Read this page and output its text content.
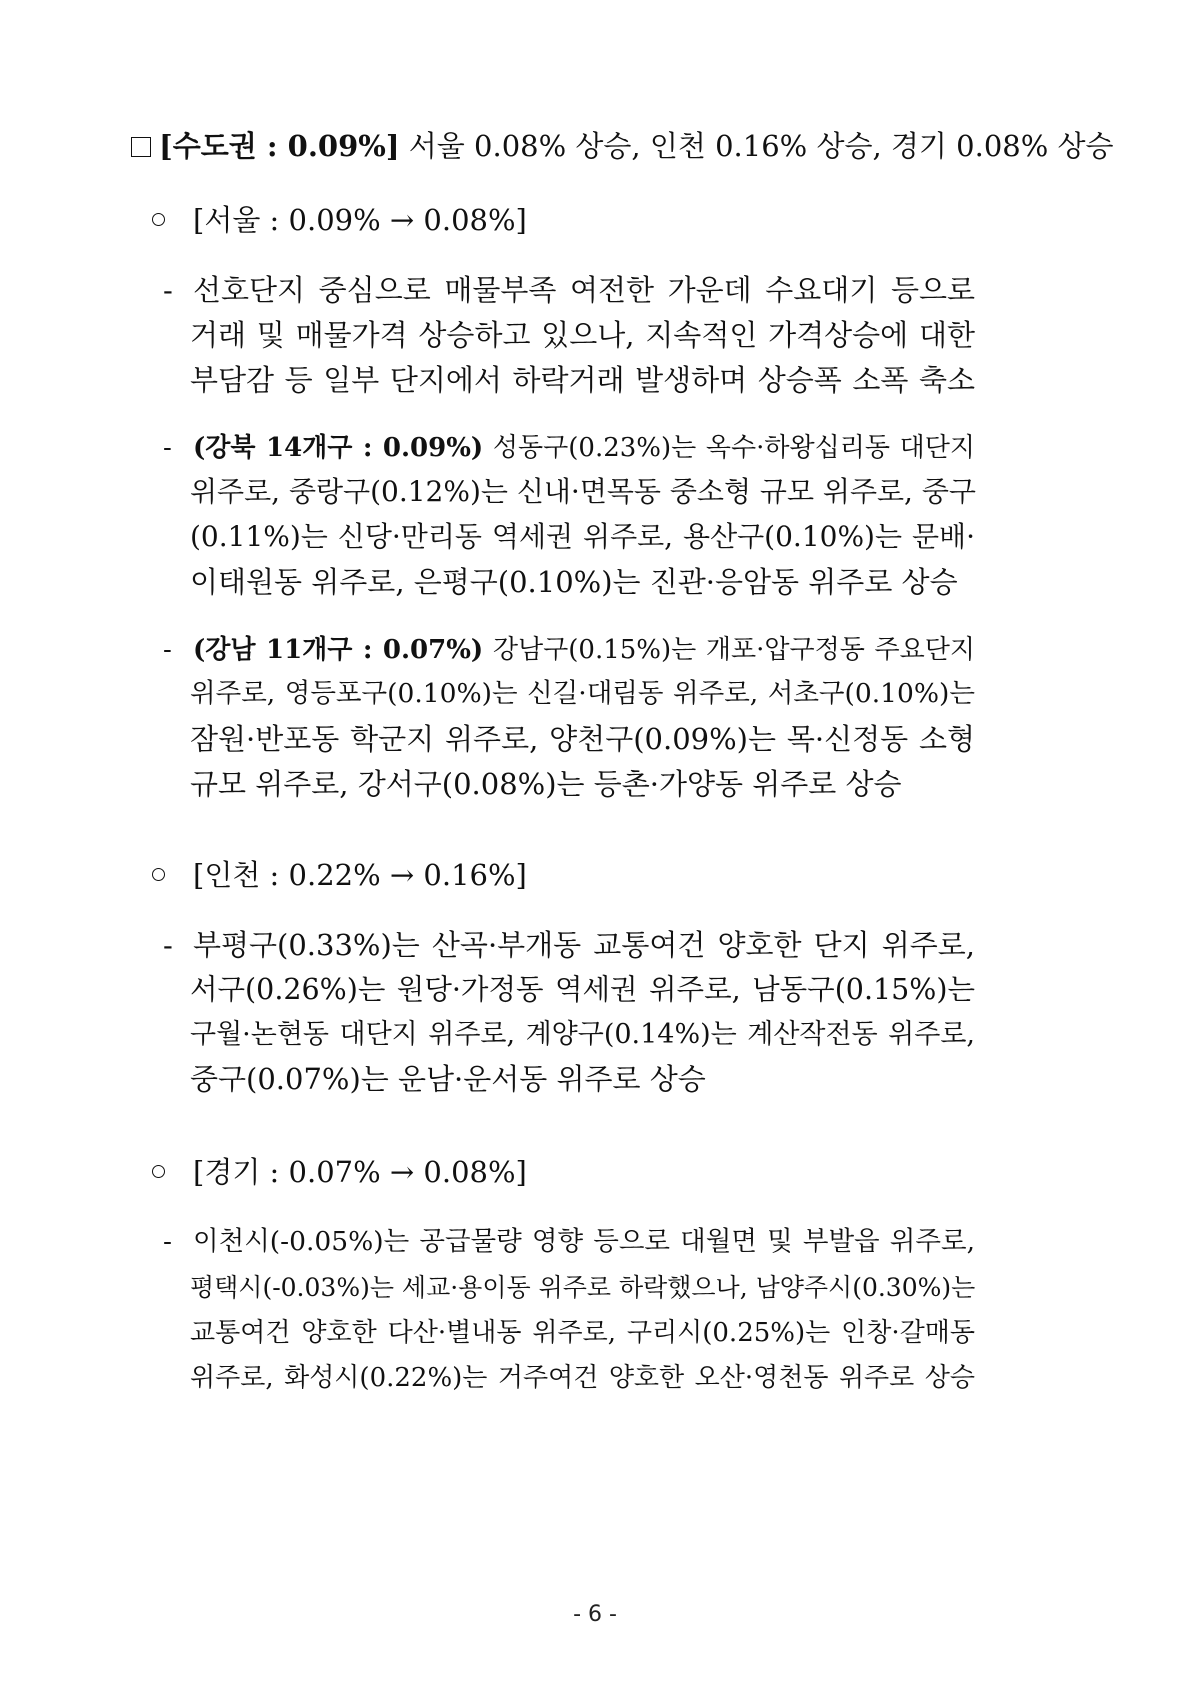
[수도권 : 0.09%] 서울 0.08% 상승, 인천 0.16% 상승, 경기 0.08% 상승
[서울 : 0.09% → 0.08%]
- 선호단지 중심으로 매물부족 여전한 가운데 수요대기 등으로
거래 및 매물가격 상승하고 있으나, 지속적인 가격상승에 대한
부담감 등 일부 단지에서 하락거래 발생하며 상승폭 소폭 축소
- (강북 14개구 : 0.09%) 성동구(0.23%)는 옥수·하왕십리동 대단지
위주로, 중랑구(0.12%)는 신내·면목동 중소형 규모 위주로, 중구
(0.11%)는 신당·만리동 역세권 위주로, 용산구(0.10%)는 문배·
이태원동 위주로, 은평구(0.10%)는 진관·응암동 위주로 상승
- (강남 11개구 : 0.07%) 강남구(0.15%)는 개포·압구정동 주요단지
위주로, 영등포구(0.10%)는 신길·대림동 위주로, 서초구(0.10%)는
잠원·반포동 학군지 위주로, 양천구(0.09%)는 목·신정동 소형
규모 위주로, 강서구(0.08%)는 등촌·가양동 위주로 상승
[인천 : 0.22% → 0.16%]
- 부평구(0.33%)는 산곡·부개동 교통여건 양호한 단지 위주로,
서구(0.26%)는 원당·가정동 역세권 위주로, 남동구(0.15%)는
구월·논현동 대단지 위주로, 계양구(0.14%)는 계산작전동 위주로,
중구(0.07%)는 운남·운서동 위주로 상승
[경기 : 0.07% → 0.08%]
- 이천시(-0.05%)는 공급물량 영향 등으로 대월면 및 부발읍 위주로,
평택시(-0.03%)는 세교·용이동 위주로 하락했으나, 남양주시(0.30%)는
교통여건 양호한 다산·별내동 위주로, 구리시(0.25%)는 인창·갈매동
위주로, 화성시(0.22%)는 거주여건 양호한 오산·영천동 위주로 상승
- 6 -
